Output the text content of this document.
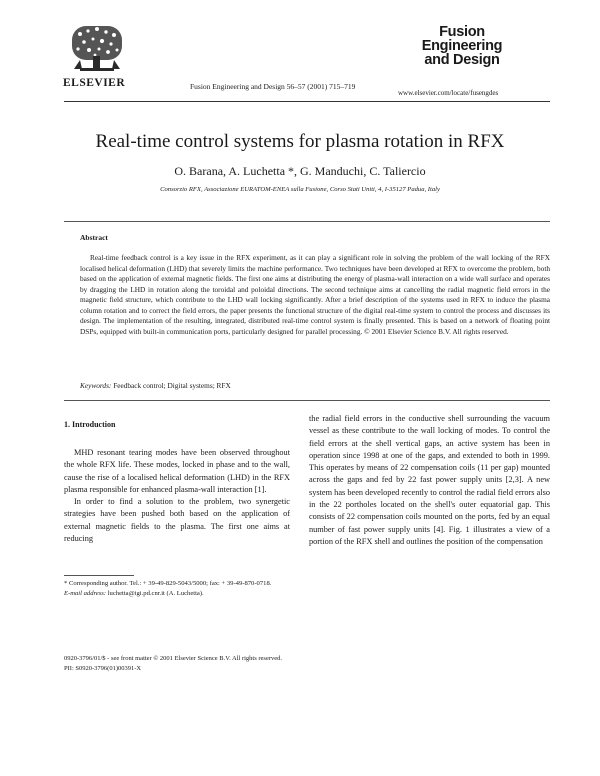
ELSEVIER	Fusion Engineering and Design 56–57 (2001) 715–719
Fusion
Engineering
and Design
www.elsevier.com/locate/fusengdes
Real-time control systems for plasma rotation in RFX
O. Barana, A. Luchetta *, G. Manduchi, C. Taliercio
Consorzio RFX, Associazione EURATOM-ENEA sulla Fusione, Corso Stati Uniti, 4, I-35127 Padua, Italy
Abstract
Real-time feedback control is a key issue in the RFX experiment, as it can play a significant role in solving the problem of the wall locking of the RFX localised helical deformation (LHD) that severely limits the machine performance. Two techniques have been developed at RFX to overcome the problem, both based on the application of external magnetic fields. The first one aims at distributing the energy of plasma-wall interaction on a wide wall surface and operates by dragging the LHD in rotation along the toroidal and poloidal directions. The second technique aims at cancelling the radial magnetic field errors in the magnetic field structure, which contribute to the LHD wall locking significantly. After a brief description of the systems used in RFX to induce the plasma column rotation and to correct the field errors, the paper presents the functional structure of the digital real-time system to control the process and discusses its design. The implementation of the resulting, integrated, distributed real-time control system is finally presented. This is based on a network of floating point DSPs, equipped with built-in communication ports, particularly designed for parallel processing. © 2001 Elsevier Science B.V. All rights reserved.
Keywords: Feedback control; Digital systems; RFX
1. Introduction

MHD resonant tearing modes have been observed throughout the whole RFX life. These modes, locked in phase and to the wall, cause the rise of a localised helical deformation (LHD) in the RFX plasma responsible for enhanced plasma-wall interaction [1].

In order to find a solution to the problem, two synergetic strategies have been pushed both based on the application of external magnetic fields to the plasma. The first one aims at reducing

* Corresponding author. Tel.: + 39-49-829-5043/5000; fax: + 39-49-870-0718.
E-mail address: luchetta@igi.pd.cnr.it (A. Luchetta).

the radial field errors in the conductive shell surrounding the vacuum vessel as these contribute to the wall locking of modes. To control the field errors at the shell vertical gaps, an active system has been in operation since 1998 at one of the gaps, and extended to both in 1999. This operates by means of 22 compensation coils (11 per gap) mounted across the gaps and fed by 22 fast power supply units [2,3]. A new system has been developed recently to control the radial field errors also in the 22 portholes located on the shell's outer equatorial gap. This consists of 22 compensation coils mounted on the ports, fed by an equal number of fast power supply units [4]. Fig. 1 illustrates a view of a portion of the RFX shell and outlines the position of the compensation

0920-3796/01/$ - see front matter © 2001 Elsevier Science B.V. All rights reserved.
PII: S0920-3796(01)00391-X
